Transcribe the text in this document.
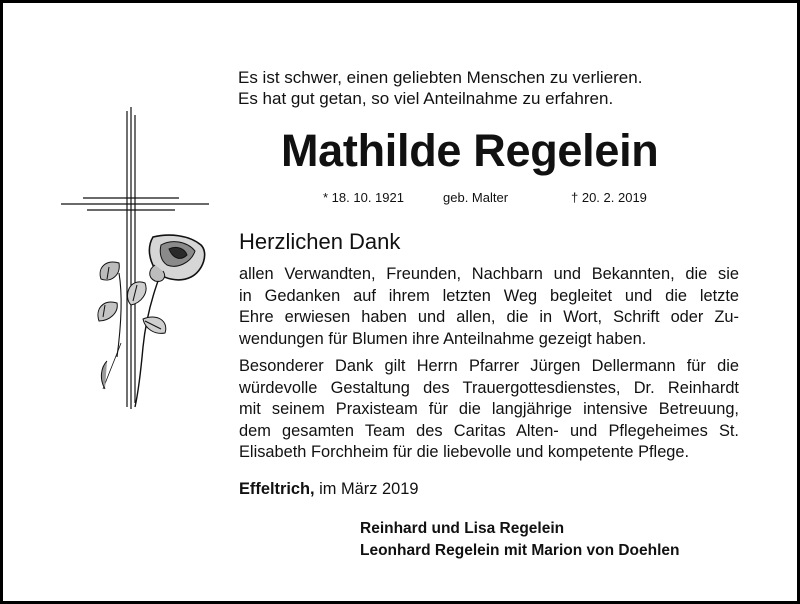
Es ist schwer, einen geliebten Menschen zu verlieren.
Es hat gut getan, so viel Anteilnahme zu erfahren.
Mathilde Regelein
* 18. 10. 1921	geb. Malter	† 20. 2. 2019
Herzlichen Dank
allen Verwandten, Freunden, Nachbarn und Bekannten, die sie
in Gedanken auf ihrem letzten Weg begleitet und die letzte
Ehre erwiesen haben und allen, die in Wort, Schrift oder Zu-
wendungen für Blumen ihre Anteilnahme gezeigt haben.
Besonderer Dank gilt Herrn Pfarrer Jürgen Dellermann für die
würdevolle Gestaltung des Trauergottesdienstes, Dr. Reinhardt
mit seinem Praxisteam für die langjährige intensive Betreuung,
dem gesamten Team des Caritas Alten- und Pflegeheimes St.
Elisabeth Forchheim für die liebevolle und kompetente Pflege.
Effeltrich, im März 2019
Reinhard und Lisa Regelein
Leonhard Regelein mit Marion von Doehlen
